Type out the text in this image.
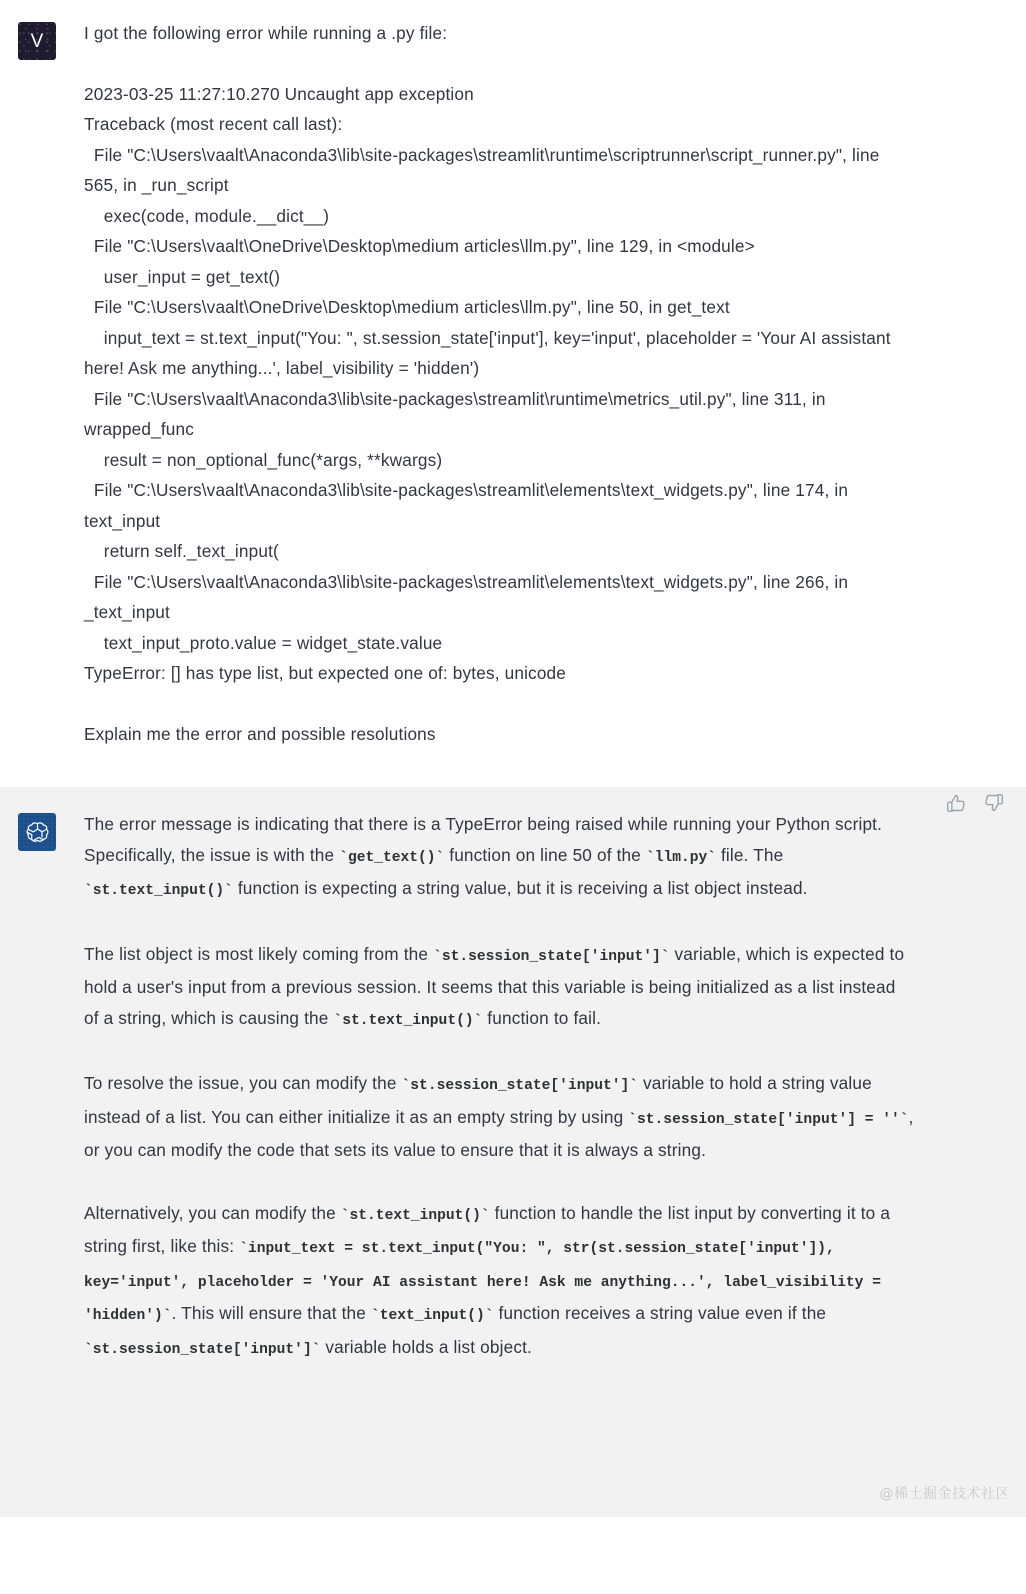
V I got the following error while running a .py file:

2023-03-25 11:27:10.270 Uncaught app exception
Traceback (most recent call last):
File "C:\Users\vaalt\Anaconda3\lib\site-packages\streamlit\runtime\scriptrunner\script_runner.py", line 565, in _run_script
exec(code, module.__dict__)
File "C:\Users\vaalt\OneDrive\Desktop\medium articles\llm.py", line 129, in <module>
user_input = get_text()
File "C:\Users\vaalt\OneDrive\Desktop\medium articles\llm.py", line 50, in get_text
input_text = st.text_input("You: ", st.session_state['input'], key='input', placeholder = 'Your AI assistant here! Ask me anything...', label_visibility = 'hidden')
File "C:\Users\vaalt\Anaconda3\lib\site-packages\streamlit\runtime\metrics_util.py", line 311, in wrapped_func
result = non_optional_func(*args, **kwargs)
File "C:\Users\vaalt\Anaconda3\lib\site-packages\streamlit\elements\text_widgets.py", line 174, in text_input
return self._text_input(
File "C:\Users\vaalt\Anaconda3\lib\site-packages\streamlit\elements\text_widgets.py", line 266, in _text_input
text_input_proto.value = widget_state.value
TypeError: [] has type list, but expected one of: bytes, unicode

Explain me the error and possible resolutions

The error message is indicating that there is a TypeError being raised while running your Python script. Specifically, the issue is with the `get_text()` function on line 50 of the `llm.py` file. The `st.text_input()` function is expecting a string value, but it is receiving a list object instead.
The list object is most likely coming from the `st.session_state['input']` variable, which is expected to hold a user's input from a previous session. It seems that this variable is being initialized as a list instead of a string, which is causing the `st.text_input()` function to fail.
To resolve the issue, you can modify the `st.session_state['input']` variable to hold a string value instead of a list. You can either initialize it as an empty string by using `st.session_state['input'] = ''`, or you can modify the code that sets its value to ensure that it is always a string.
Alternatively, you can modify the `st.text_input()` function to handle the list input by converting it to a string first, like this: `input_text = st.text_input("You: ", str(st.session_state['input']), key='input', placeholder = 'Your AI assistant here! Ask me anything...', label_visibility = 'hidden')`. This will ensure that the `text_input()` function receives a string value even if the `st.session_state['input']` variable holds a list object.
@稀土掘金技术社区
